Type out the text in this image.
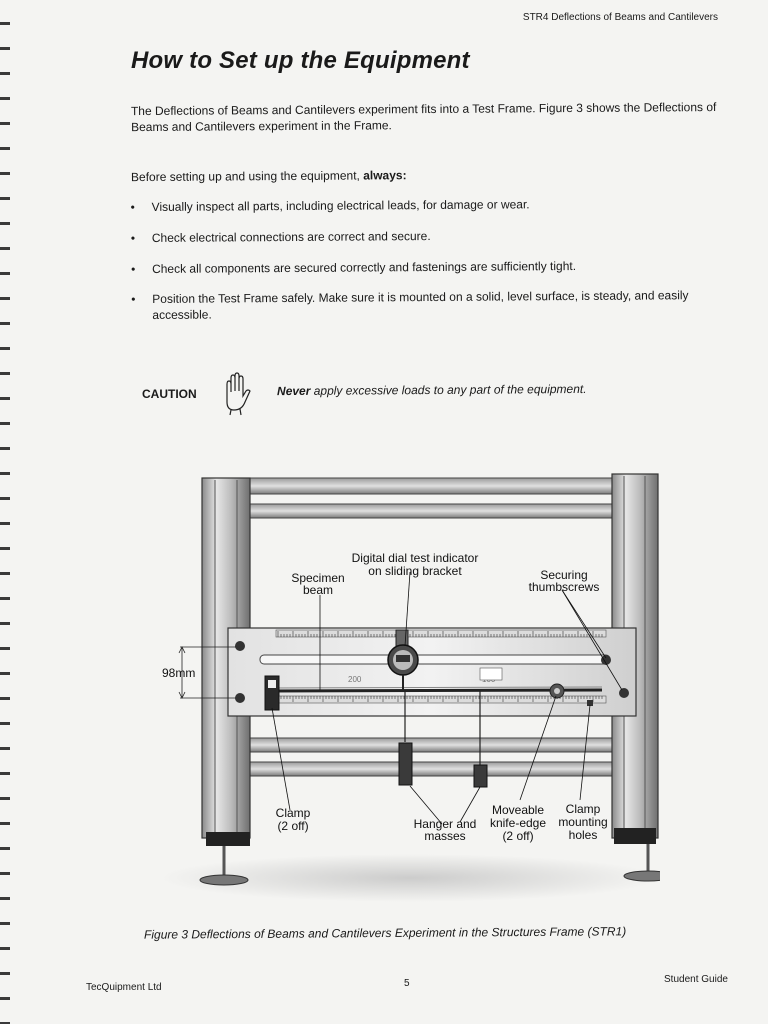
STR4 Deflections of Beams and Cantilevers
How to Set up the Equipment

The Deflections of Beams and Cantilevers experiment fits into a Test Frame. Figure 3 shows the Deflections of Beams and Cantilevers experiment in the Frame.

Before setting up and using the equipment, always:

• Visually inspect all parts, including electrical leads, for damage or wear.
• Check electrical connections are correct and secure.
• Check all components are secured correctly and fastenings are sufficiently tight.
• Position the Test Frame safely. Make sure it is mounted on a solid, level surface, is steady, and easily accessible.
CAUTION	Never apply excessive loads to any part of the equipment.
200
Digital dial test indicator
on sliding bracket
Specimen
beam
Securing
thumbscrews
98mm
Clamp
(2 off)	Hanger and
masses
Moveable
knife-edge
(2 off)
Clamp
mounting
holes
Figure 3 Deflections of Beams and Cantilevers Experiment in the Structures Frame (STR1)
TecQuipment Ltd	5	Student Guide
